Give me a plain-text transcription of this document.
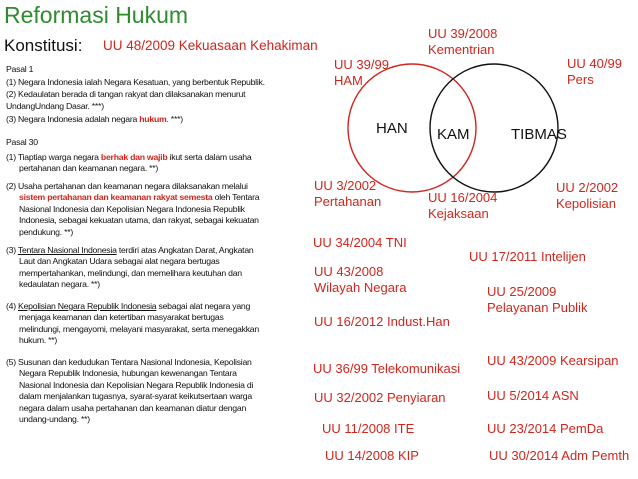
Reformasi Hukum
Konstitusi: UU 48/2009 Kekuasaan Kehakiman
Pasal 1
(1) Negara Indonesia ialah Negara Kesatuan, yang berbentuk Republik.
(2) Kedaulatan berada di tangan rakyat dan dilaksanakan menurut
UndangUndang Dasar. ***)
(3) Negara Indonesia adalah negara hukum. ***)
Pasal 30
(1) Tiaptiap warga negara berhak dan wajib ikut serta dalam usaha
pertahanan dan keamanan negara. **)
(2) Usaha pertahanan dan keamanan negara dilaksanakan melalui
sistem pertahanan dan keamanan rakyat semesta oleh Tentara
Nasional Indonesia dan Kepolisian Negara Indonesia Republik
Indonesia, sebagai kekuatan utama, dan rakyat, sebagai kekuatan
pendukung. **)
(3) Tentara Nasional Indonesia terdiri atas Angkatan Darat, Angkatan
Laut dan Angkatan Udara sebagai alat negara bertugas
mempertahankan, melindungi, dan memelihara keutuhan dan
kedaulatan negara. **)
(4) Kepolisian Negara Republik Indonesia sebagai alat negara yang
menjaga keamanan dan ketertiban masyarakat bertugas
melindungi, mengayomi, melayani masyarakat, serta menegakkan
hukum. **)
(5) Susunan dan kedudukan Tentara Nasional Indonesia, Kepolisian
Negara Republik Indonesia, hubungan kewenangan Tentara
Nasional Indonesia dan Kepolisian Negara Republik Indonesia di
dalam menjalankan tugasnya, syarat-syarat keikutsertaan warga
negara dalam usaha pertahanan dan keamanan diatur dengan
undang-undang. **)
HAN KAM	TIBMAS
UU 39/99
HAM
UU 39/2008
Kementrian
UU 40/99
Pers
UU 3/2002
Pertahanan	UU 16/2004
Kejaksaan
UU 2/2002
Kepolisian
UU 34/2004 TNI
UU 17/2011 Intelijen
UU 43/2008
Wilayah Negara	UU 25/2009
Pelayanan Publik
UU 16/2012 Indust.Han
UU 36/99 Telekomunikasi
UU 43/2009 Kearsipan
UU 32/2002 Penyiaran	UU 5/2014 ASN
UU 11/2008 ITE	UU 23/2014 PemDa
UU 14/2008 KIP	UU 30/2014 Adm Pemth
